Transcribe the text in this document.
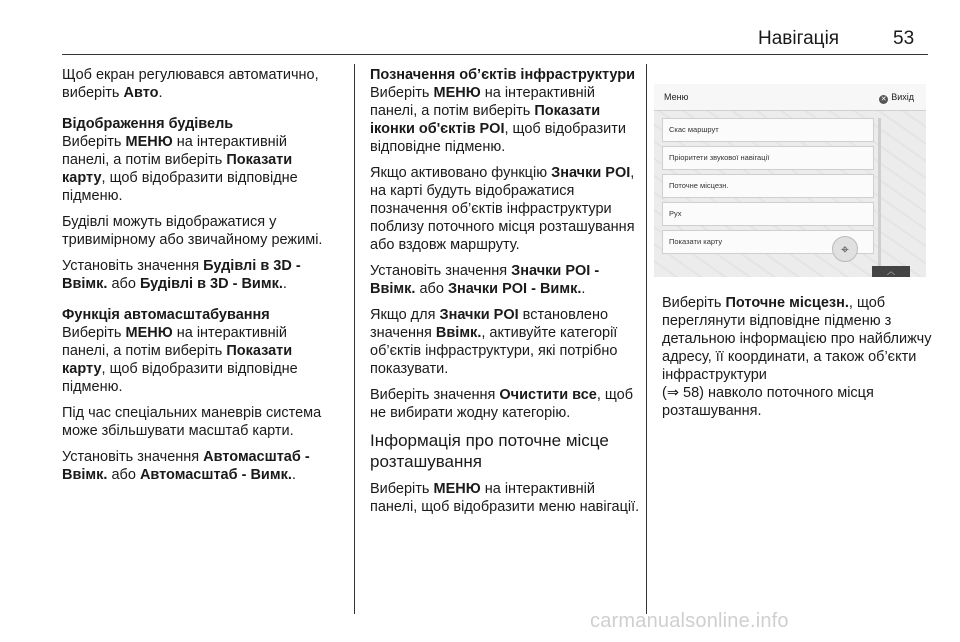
Навігація	53

Щоб екран регулювався автоматично, виберіть Авто.

Відображення будівель

Виберіть МЕНЮ на інтерактивній панелі, а потім виберіть Показати карту, щоб відобразити відповідне підменю.

Будівлі можуть відображатися у тривимірному або звичайному режимі.

Установіть значення Будівлі в 3D - Ввімк. або Будівлі в 3D - Вимк..

Функція автомасштабування

Виберіть МЕНЮ на інтерактивній панелі, а потім виберіть Показати карту, щоб відобразити відповідне підменю.

Під час спеціальних маневрів система може збільшувати масштаб карти.

Установіть значення Автомасштаб - Ввімк. або Автомасштаб - Вимк..

Позначення об’єктів інфраструктури

Виберіть МЕНЮ на інтерактивній панелі, а потім виберіть Показати іконки об'єктів POI, щоб відобразити відповідне підменю.

Якщо активовано функцію Значки POI, на карті будуть відображатися позначення об’єктів інфраструктури поблизу поточного місця розташування або вздовж маршруту.

Установіть значення Значки POI - Ввімк. або Значки POI - Вимк..

Якщо для Значки POI встановлено значення Ввімк., активуйте категорії об’єктів інфраструктури, які потрібно показувати.

Виберіть значення Очистити все, щоб не вибирати жодну категорію.

Інформація про поточне місце розташування

Виберіть МЕНЮ на інтерактивній панелі, щоб відобразити меню навігації.

Меню	✕ Вихід
Скас маршрут
Пріоритети звукової навігації
Поточне місцезн.
Рух
Показати карту	⌖
︿

Виберіть Поточне місцезн., щоб переглянути відповідне підменю з детальною інформацією про найближчу адресу, її координати, а також об’єкти інфраструктури
(⇒ 58) навколо поточного місця розташування.

carmanualsonline.info
